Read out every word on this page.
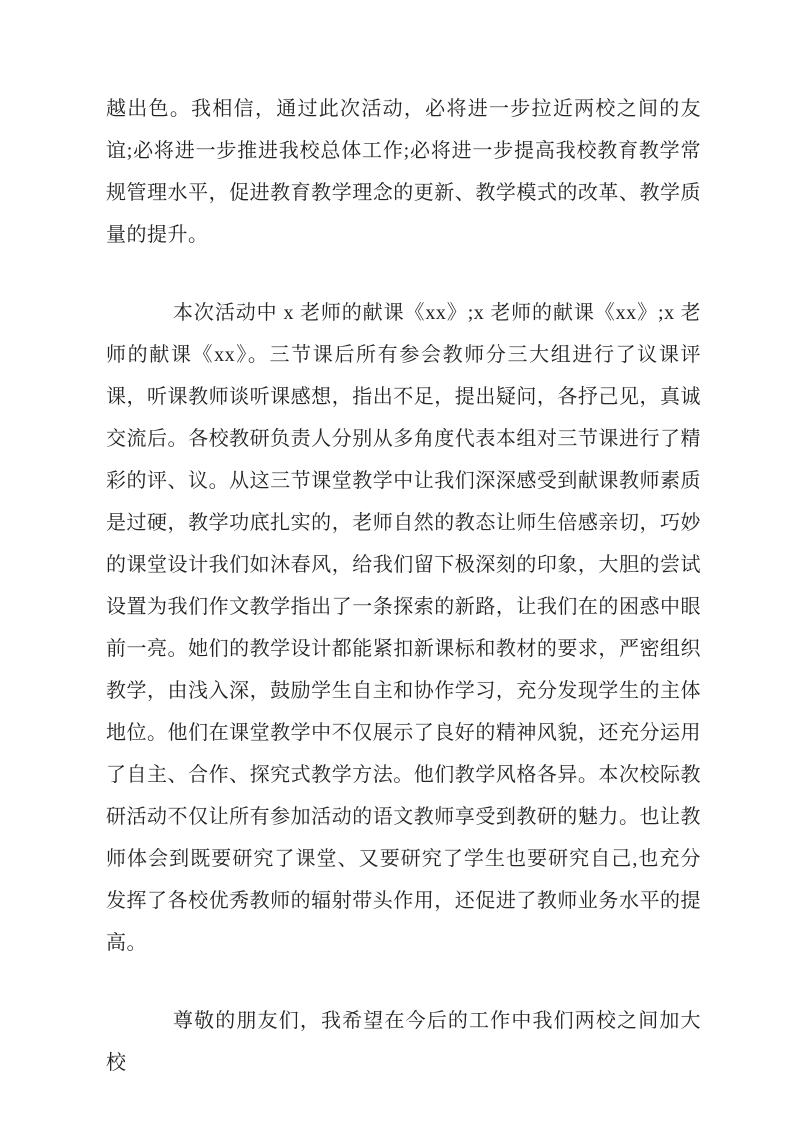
越出色。我相信，通过此次活动，必将进一步拉近两校之间的友谊;必将进一步推进我校总体工作;必将进一步提高我校教育教学常规管理水平，促进教育教学理念的更新、教学模式的改革、教学质量的提升。

本次活动中 x 老师的献课《xx》;x 老师的献课《xx》;x 老师的献课《xx》。三节课后所有参会教师分三大组进行了议课评课，听课教师谈听课感想，指出不足，提出疑问，各抒己见，真诚交流后。各校教研负责人分别从多角度代表本组对三节课进行了精彩的评、议。从这三节课堂教学中让我们深深感受到献课教师素质是过硬，教学功底扎实的，老师自然的教态让师生倍感亲切，巧妙的课堂设计我们如沐春风，给我们留下极深刻的印象，大胆的尝试设置为我们作文教学指出了一条探索的新路，让我们在的困惑中眼前一亮。她们的教学设计都能紧扣新课标和教材的要求，严密组织教学，由浅入深，鼓励学生自主和协作学习，充分发现学生的主体地位。他们在课堂教学中不仅展示了良好的精神风貌，还充分运用了自主、合作、探究式教学方法。他们教学风格各异。本次校际教研活动不仅让所有参加活动的语文教师享受到教研的魅力。也让教师体会到既要研究了课堂、又要研究了学生也要研究自己,也充分发挥了各校优秀教师的辐射带头作用，还促进了教师业务水平的提高。

尊敬的朋友们，我希望在今后的工作中我们两校之间加大校
